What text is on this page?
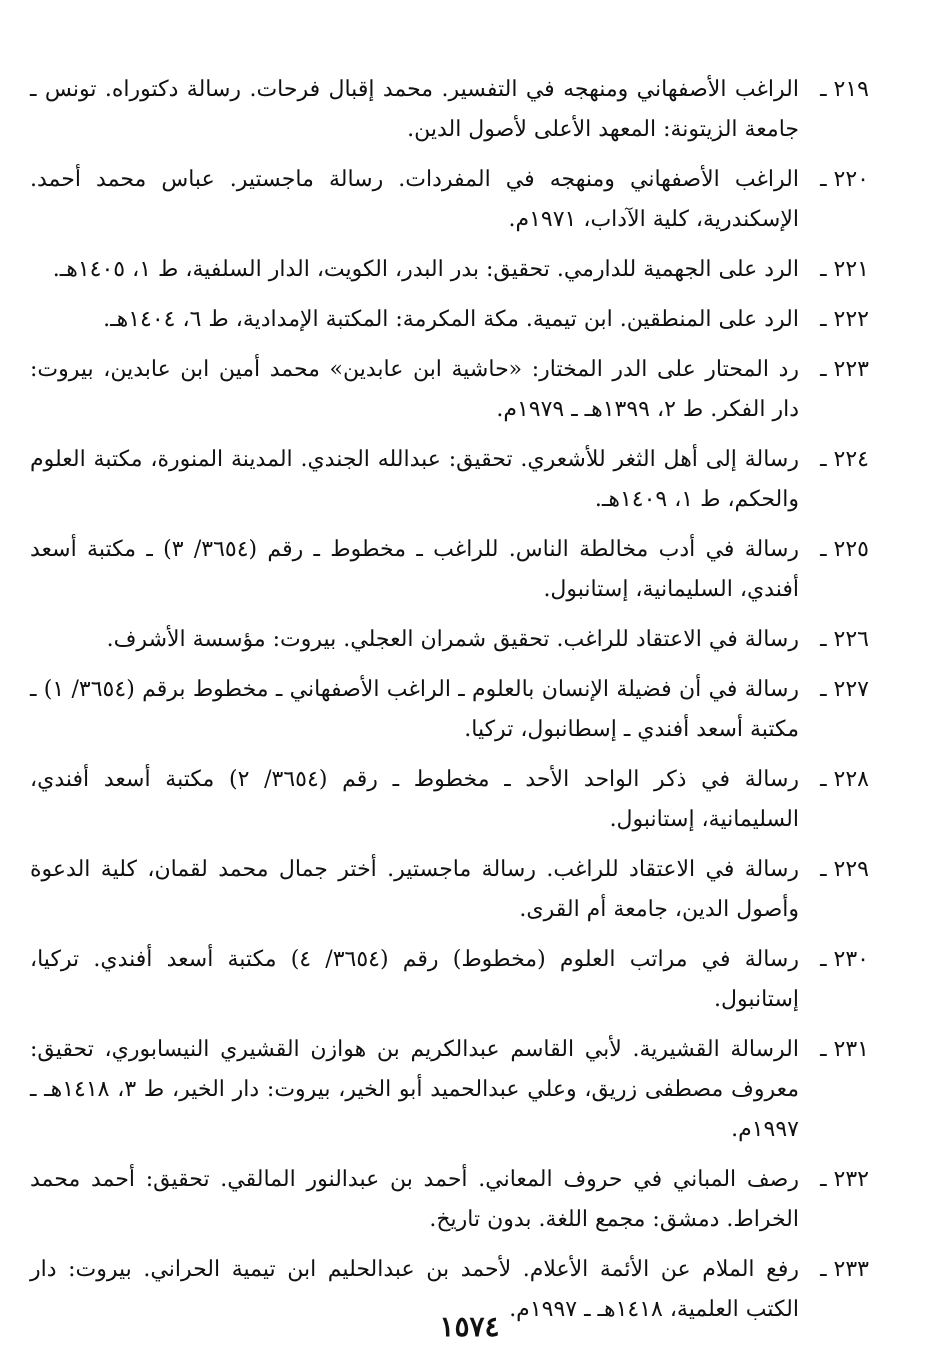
٢١٩ ـ
الراغب الأصفهاني ومنهجه في التفسير. محمد إقبال فرحات. رسالة دكتوراه. تونس ـ جامعة الزيتونة: المعهد الأعلى لأصول الدين.
٢٢٠ ـ
الراغب الأصفهاني ومنهجه في المفردات. رسالة ماجستير. عباس محمد أحمد. الإسكندرية، كلية الآداب، ١٩٧١م.
٢٢١ ـ
الرد على الجهمية للدارمي. تحقيق: بدر البدر، الكويت، الدار السلفية، ط ١، ١٤٠٥هـ.
٢٢٢ ـ
الرد على المنطقين. ابن تيمية. مكة المكرمة: المكتبة الإمدادية، ط ٦، ١٤٠٤هـ.
٢٢٣ ـ
رد المحتار على الدر المختار: «حاشية ابن عابدين» محمد أمين ابن عابدين، بيروت: دار الفكر. ط ٢، ١٣٩٩هـ ـ ١٩٧٩م.
٢٢٤ ـ
رسالة إلى أهل الثغر للأشعري. تحقيق: عبدالله الجندي. المدينة المنورة، مكتبة العلوم والحكم، ط ١، ١٤٠٩هـ.
٢٢٥ ـ
رسالة في أدب مخالطة الناس. للراغب ـ مخطوط ـ رقم (٣٦٥٤/ ٣) ـ مكتبة أسعد أفندي، السليمانية، إستانبول.
٢٢٦ ـ
رسالة في الاعتقاد للراغب. تحقيق شمران العجلي. بيروت: مؤسسة الأشرف.
٢٢٧ ـ
رسالة في أن فضيلة الإنسان بالعلوم ـ الراغب الأصفهاني ـ مخطوط برقم (٣٦٥٤/ ١) ـ مكتبة أسعد أفندي ـ إسطانبول، تركيا.
٢٢٨ ـ
رسالة في ذكر الواحد الأحد ـ مخطوط ـ رقم (٣٦٥٤/ ٢) مكتبة أسعد أفندي، السليمانية، إستانبول.
٢٢٩ ـ
رسالة في الاعتقاد للراغب. رسالة ماجستير. أختر جمال محمد لقمان، كلية الدعوة وأصول الدين، جامعة أم القرى.
٢٣٠ ـ
رسالة في مراتب العلوم (مخطوط) رقم (٣٦٥٤/ ٤) مكتبة أسعد أفندي. تركيا، إستانبول.
٢٣١ ـ
الرسالة القشيرية. لأبي القاسم عبدالكريم بن هوازن القشيري النيسابوري، تحقيق: معروف مصطفى زريق، وعلي عبدالحميد أبو الخير، بيروت: دار الخير، ط ٣، ١٤١٨هـ ـ ١٩٩٧م.
٢٣٢ ـ
رصف المباني في حروف المعاني. أحمد بن عبدالنور المالقي. تحقيق: أحمد محمد الخراط. دمشق: مجمع اللغة. بدون تاريخ.
٢٣٣ ـ
رفع الملام عن الأئمة الأعلام. لأحمد بن عبدالحليم ابن تيمية الحراني. بيروت: دار الكتب العلمية، ١٤١٨هـ ـ ١٩٩٧م.
١٥٧٤
